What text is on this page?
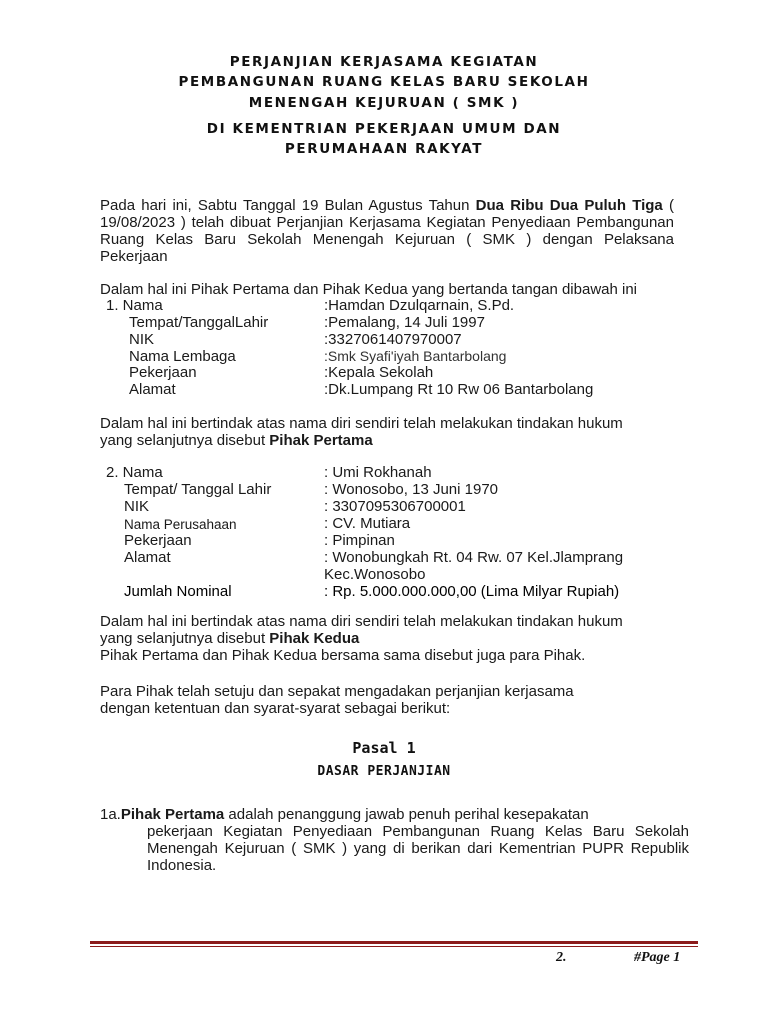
PERJANJIAN KERJASAMA KEGIATAN
PEMBANGUNAN RUANG KELAS BARU SEKOLAH
MENENGAH KEJURUAN ( SMK )
DI KEMENTRIAN PEKERJAAN UMUM DAN
PERUMAHAAN RAKYAT

Pada hari ini, Sabtu Tanggal 19 Bulan Agustus Tahun Dua Ribu Dua Puluh Tiga ( 19/08/2023 ) telah dibuat Perjanjian Kerjasama Kegiatan Penyediaan Pembangunan Ruang Kelas Baru Sekolah Menengah Kejuruan ( SMK ) dengan Pelaksana Pekerjaan

Dalam hal ini Pihak Pertama dan Pihak Kedua yang bertanda tangan dibawah ini

1. Nama	:Hamdan Dzulqarnain, S.Pd.
Tempat/TanggalLahir	:Pemalang, 14 Juli 1997
NIK	:3327061407970007
Nama Lembaga	:Smk Syafi'iyah Bantarbolang
Pekerjaan	:Kepala Sekolah
Alamat	:Dk.Lumpang Rt 10 Rw 06 Bantarbolang

Dalam hal ini bertindak atas nama diri sendiri telah melakukan tindakan hukum

yang selanjutnya disebut Pihak Pertama

2. Nama	: Umi Rokhanah
Tempat/ Tanggal Lahir	: Wonosobo, 13 Juni 1970
NIK	: 3307095306700001
Nama Perusahaan	: CV. Mutiara
Pekerjaan	: Pimpinan
Alamat	: Wonobungkah Rt. 04 Rw. 07 Kel.Jlamprang
Kec.Wonosobo
Jumlah Nominal	: Rp. 5.000.000.000,00 (Lima Milyar Rupiah)

Dalam hal ini bertindak atas nama diri sendiri telah melakukan tindakan hukum

yang selanjutnya disebut Pihak Kedua

Pihak Pertama dan Pihak Kedua bersama sama disebut juga para Pihak.

Para Pihak telah setuju dan sepakat mengadakan perjanjian kerjasama

dengan ketentuan dan syarat-syarat sebagai berikut:

Pasal 1
DASAR PERJANJIAN

1a.Pihak Pertama adalah penanggung jawab penuh perihal kesepakatan

pekerjaan Kegiatan Penyediaan Pembangunan Ruang Kelas Baru Sekolah Menengah Kejuruan ( SMK ) yang di berikan dari Kementrian PUPR Republik Indonesia.

2.	#Page 1
